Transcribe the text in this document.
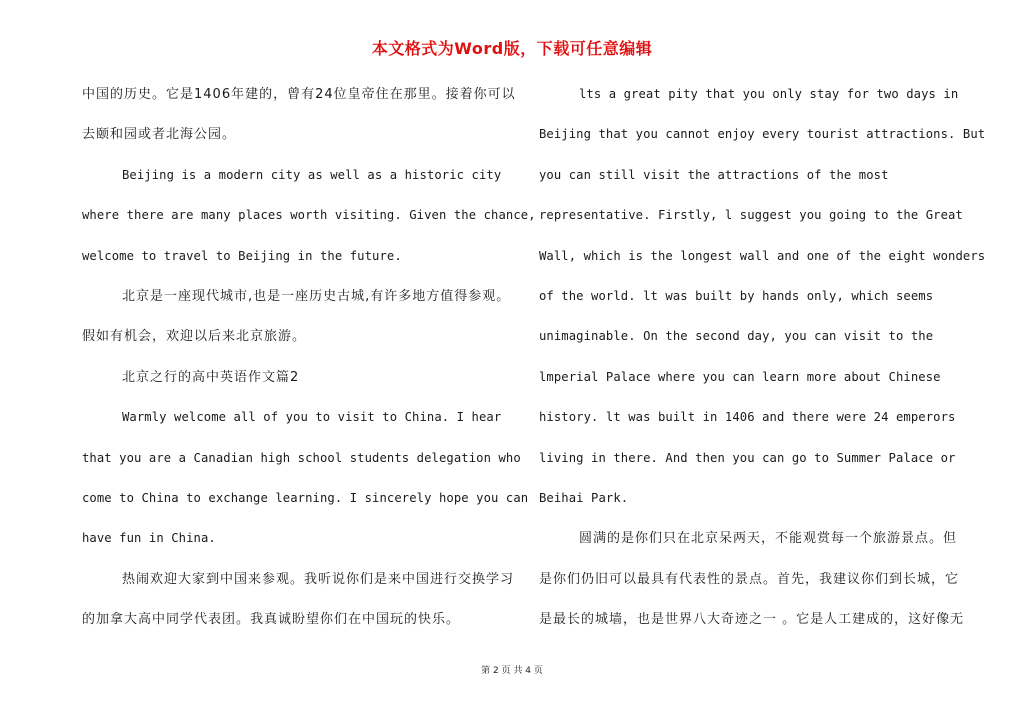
本文格式为Word版，下载可任意编辑
中国的历史。它是1406年建的，曾有24位皇帝住在那里。接着你可以
去颐和园或者北海公园。
Beijing is a modern city as well as a historic city
where there are many places worth visiting. Given the chance,
welcome to travel to Beijing in the future.
北京是一座现代城市,也是一座历史古城,有许多地方值得参观。
假如有机会，欢迎以后来北京旅游。
北京之行的高中英语作文篇2
Warmly welcome all of you to visit to China. I hear
that you are a Canadian high school students delegation who
come to China to exchange learning. I sincerely hope you can
have fun in China.
热闹欢迎大家到中国来参观。我听说你们是来中国进行交换学习
的加拿大高中同学代表团。我真诚盼望你们在中国玩的快乐。
lts a great pity that you only stay for two days in
Beijing that you cannot enjoy every tourist attractions. But
you can still visit the attractions of the most
representative. Firstly, l suggest you going to the Great
Wall, which is the longest wall and one of the eight wonders
of the world. lt was built by hands only, which seems
unimaginable. On the second day, you can visit to the
lmperial Palace where you can learn more about Chinese
history. lt was built in 1406 and there were 24 emperors
living in there. And then you can go to Summer Palace or
Beihai Park.
圆满的是你们只在北京呆两天，不能观赏每一个旅游景点。但
是你们仍旧可以最具有代表性的景点。首先，我建议你们到长城，它
是最长的城墙，也是世界八大奇迹之一 。它是人工建成的，这好像无
第 2 页 共 4 页
